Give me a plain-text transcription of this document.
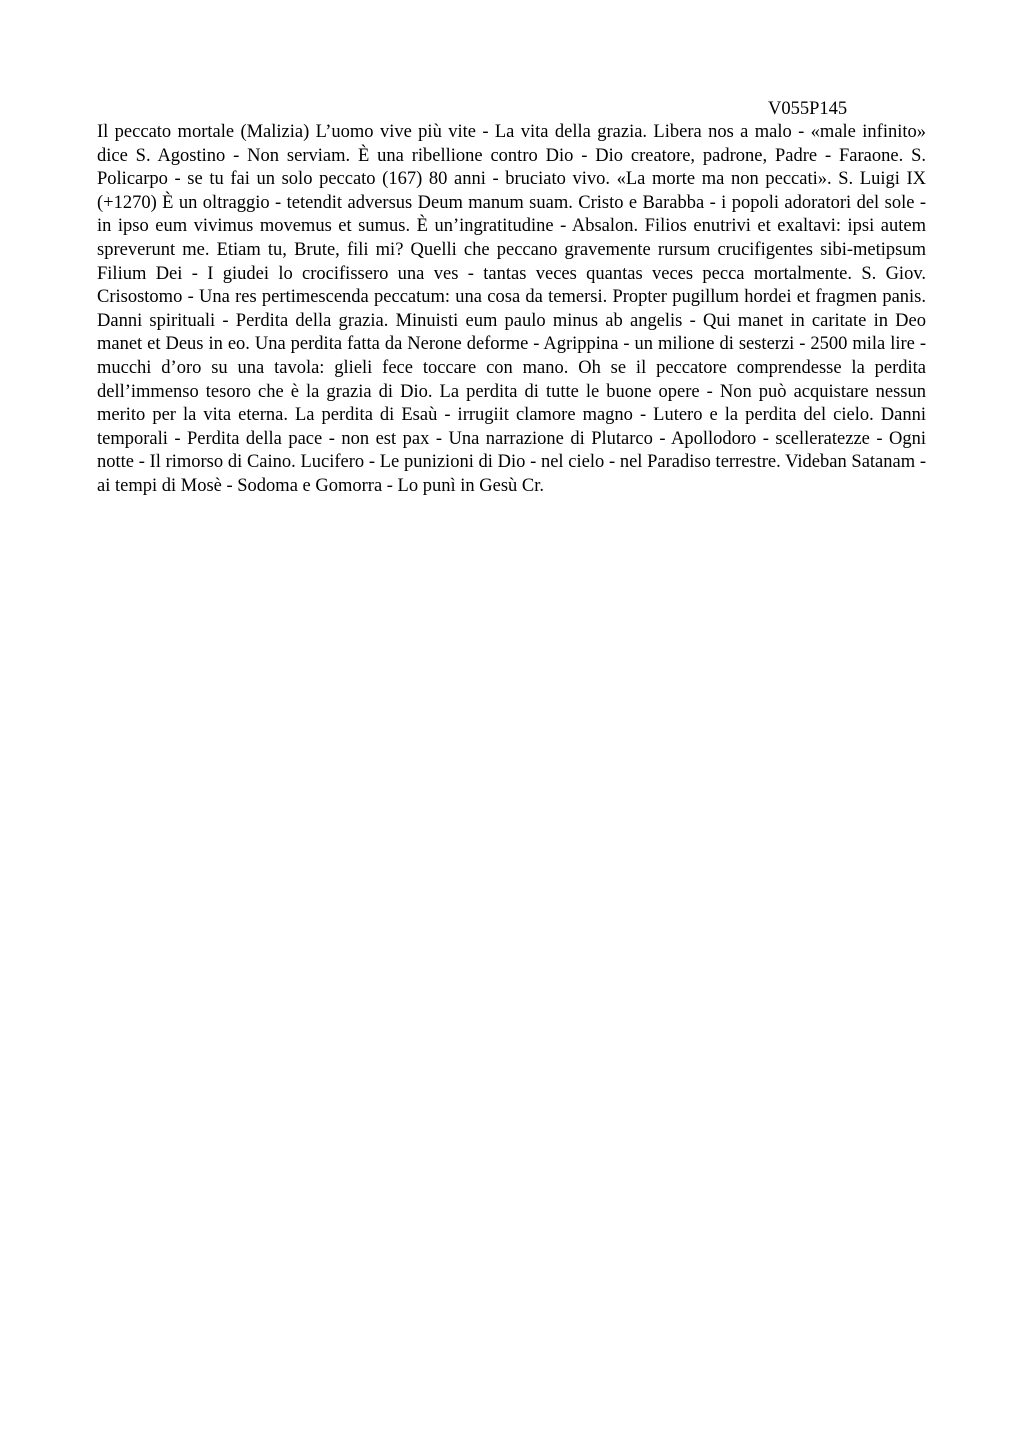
V055P145

Il peccato mortale (Malizia) L’uomo vive più vite - La vita della grazia. Libera nos a malo - «male infinito» dice S. Agostino - Non serviam. È una ribellione contro Dio - Dio creatore, padrone, Padre - Faraone. S. Policarpo - se tu fai un solo peccato (167) 80 anni - bruciato vivo. «La morte ma non peccati». S. Luigi IX (+1270) È un oltraggio - tetendit adversus Deum manum suam. Cristo e Barabba - i popoli adoratori del sole - in ipso eum vivimus movemus et sumus. È un’ingratitudine - Absalon. Filios enutrivi et exaltavi: ipsi autem spreverunt me. Etiam tu, Brute, fili mi? Quelli che peccano gravemente rursum crucifigentes sibi-metipsum Filium Dei - I giudei lo crocifissero una ves - tantas veces quantas veces pecca mortalmente. S. Giov. Crisostomo - Una res pertimescenda peccatum: una cosa da temersi. Propter pugillum hordei et fragmen panis. Danni spirituali - Perdita della grazia. Minuisti eum paulo minus ab angelis - Qui manet in caritate in Deo manet et Deus in eo. Una perdita fatta da Nerone deforme - Agrippina - un milione di sesterzi - 2500 mila lire - mucchi d’oro su una tavola: glieli fece toccare con mano. Oh se il peccatore comprendesse la perdita dell’immenso tesoro che è la grazia di Dio. La perdita di tutte le buone opere - Non può acquistare nessun merito per la vita eterna. La perdita di Esaù - irrugiit clamore magno - Lutero e la perdita del cielo. Danni temporali - Perdita della pace - non est pax - Una narrazione di Plutarco - Apollodoro - scelleratezze - Ogni notte - Il rimorso di Caino. Lucifero - Le punizioni di Dio - nel cielo - nel Paradiso terrestre. Videban Satanam - ai tempi di Mosè - Sodoma e Gomorra - Lo punì in Gesù Cr.
